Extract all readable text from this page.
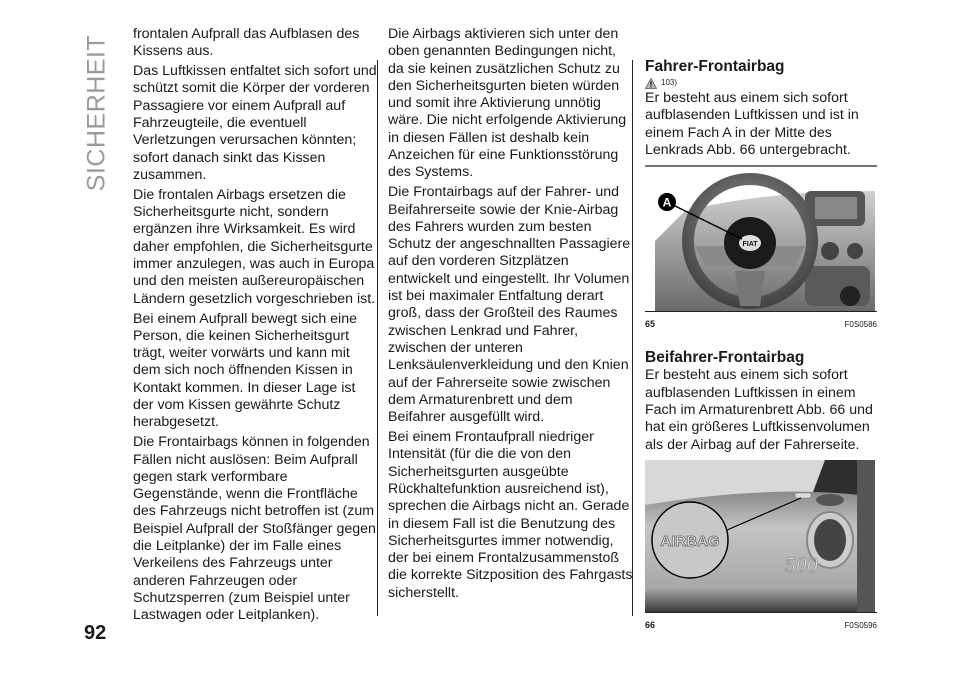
SICHERHEIT
92

frontalen Aufprall das Aufblasen des Kissens aus.

Das Luftkissen entfaltet sich sofort und schützt somit die Körper der vorderen Passagiere vor einem Aufprall auf Fahrzeugteile, die eventuell Verletzungen verursachen könnten; sofort danach sinkt das Kissen zusammen.

Die frontalen Airbags ersetzen die Sicherheitsgurte nicht, sondern ergänzen ihre Wirksamkeit. Es wird daher empfohlen, die Sicherheitsgurte immer anzulegen, was auch in Europa und den meisten außereuropäischen Ländern gesetzlich vorgeschrieben ist.

Bei einem Aufprall bewegt sich eine Person, die keinen Sicherheitsgurt trägt, weiter vorwärts und kann mit dem sich noch öffnenden Kissen in Kontakt kommen. In dieser Lage ist der vom Kissen gewährte Schutz herabgesetzt.

Die Frontairbags können in folgenden Fällen nicht auslösen: Beim Aufprall gegen stark verformbare Gegenstände, wenn die Frontfläche des Fahrzeugs nicht betroffen ist (zum Beispiel Aufprall der Stoßfänger gegen die Leitplanke) der im Falle eines Verkeilens des Fahrzeugs unter anderen Fahrzeugen oder Schutzsperren (zum Beispiel unter Lastwagen oder Leitplanken).

Die Airbags aktivieren sich unter den oben genannten Bedingungen nicht, da sie keinen zusätzlichen Schutz zu den Sicherheitsgurten bieten würden und somit ihre Aktivierung unnötig wäre. Die nicht erfolgende Aktivierung in diesen Fällen ist deshalb kein Anzeichen für eine Funktionsstörung des Systems.

Die Frontairbags auf der Fahrer- und Beifahrerseite sowie der Knie-Airbag des Fahrers wurden zum besten Schutz der angeschnallten Passagiere auf den vorderen Sitzplätzen entwickelt und eingestellt. Ihr Volumen ist bei maximaler Entfaltung derart groß, dass der Großteil des Raumes zwischen Lenkrad und Fahrer, zwischen der unteren Lenksäulenverkleidung und den Knien auf der Fahrerseite sowie zwischen dem Armaturenbrett und dem Beifahrer ausgefüllt wird.

Bei einem Frontaufprall niedriger Intensität (für die die von den Sicherheitsgurten ausgeübte Rückhaltefunktion ausreichend ist), sprechen die Airbags nicht an. Gerade in diesem Fall ist die Benutzung des Sicherheitsgurtes immer notwendig, der bei einem Frontalzusammenstoß die korrekte Sitzposition des Fahrgasts sicherstellt.

Fahrer-Frontairbag
103)

Er besteht aus einem sich sofort aufblasenden Luftkissen und ist in einem Fach A in der Mitte des Lenkrads Abb. 66 untergebracht.

FIAT
A
65	F0S0586
Beifahrer-Frontairbag

Er besteht aus einem sich sofort aufblasenden Luftkissen in einem Fach im Armaturenbrett Abb. 66 und hat ein größeres Luftkissenvolumen als der Airbag auf der Fahrerseite.

500
AIRBAG
66	F0S0596
